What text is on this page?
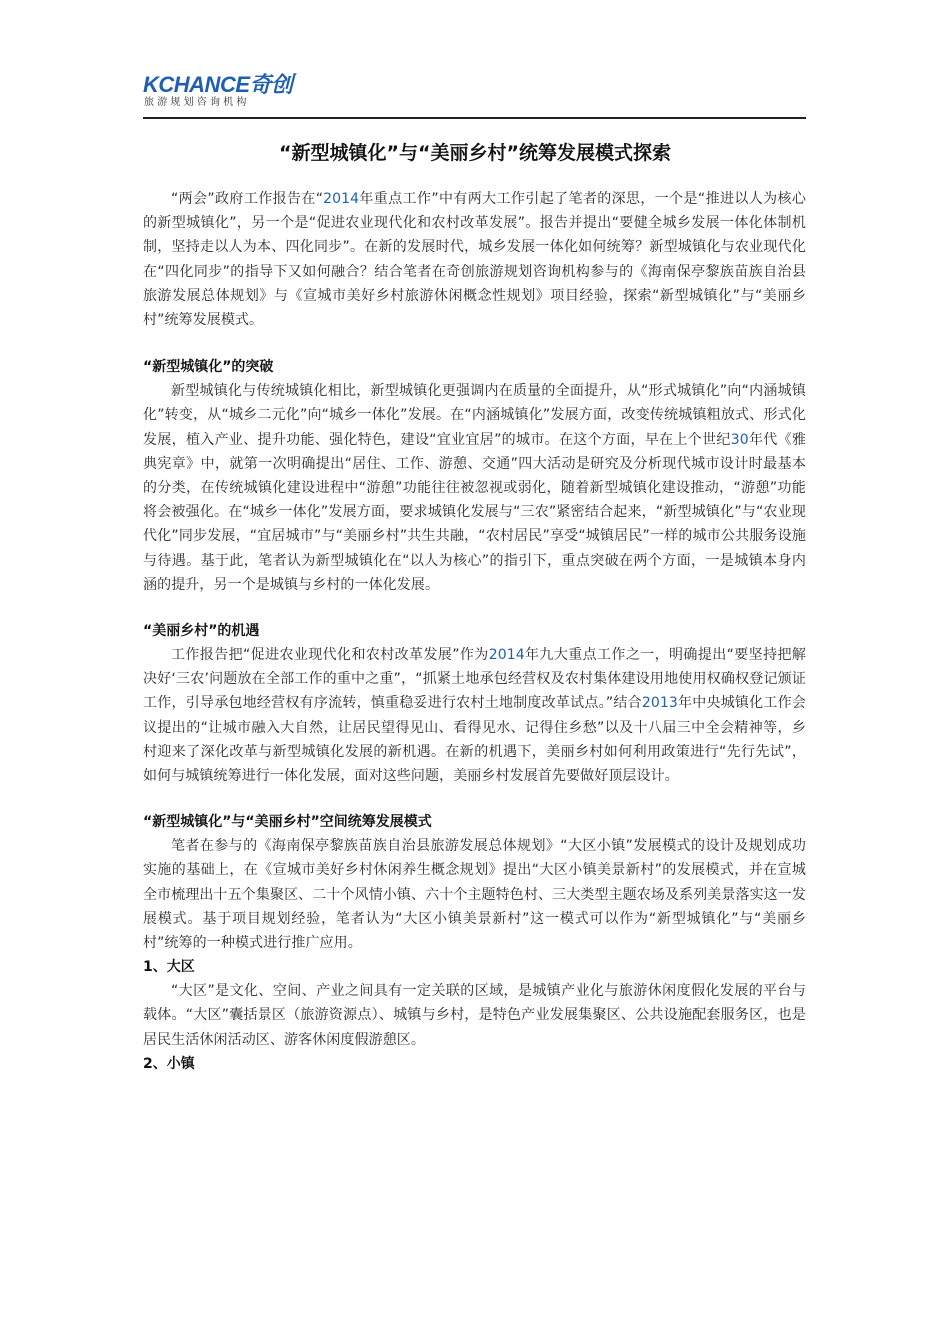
KCHANCE奇创
旅游规划咨询机构
“新型城镇化”与“美丽乡村”统筹发展模式探索

“两会”政府工作报告在“2014年重点工作”中有两大工作引起了笔者的深思，一个是“推进以人为核心的新型城镇化”，另一个是“促进农业现代化和农村改革发展”。报告并提出“要健全城乡发展一体化体制机制，坚持走以人为本、四化同步”。在新的发展时代，城乡发展一体化如何统筹？新型城镇化与农业现代化在“四化同步”的指导下又如何融合？结合笔者在奇创旅游规划咨询机构参与的《海南保亭黎族苗族自治县旅游发展总体规划》与《宣城市美好乡村旅游休闲概念性规划》项目经验，探索“新型城镇化”与“美丽乡村”统筹发展模式。

“新型城镇化”的突破

新型城镇化与传统城镇化相比，新型城镇化更强调内在质量的全面提升，从“形式城镇化”向“内涵城镇化”转变，从“城乡二元化”向“城乡一体化”发展。在“内涵城镇化”发展方面，改变传统城镇粗放式、形式化发展，植入产业、提升功能、强化特色，建设“宜业宜居”的城市。在这个方面，早在上个世纪30年代《雅典宪章》中，就第一次明确提出“居住、工作、游憩、交通”四大活动是研究及分析现代城市设计时最基本的分类，在传统城镇化建设进程中“游憩”功能往往被忽视或弱化，随着新型城镇化建设推动，“游憩”功能将会被强化。在“城乡一体化”发展方面，要求城镇化发展与“三农”紧密结合起来，“新型城镇化”与“农业现代化”同步发展，“宜居城市”与“美丽乡村”共生共融，“农村居民”享受“城镇居民”一样的城市公共服务设施与待遇。基于此，笔者认为新型城镇化在“以人为核心”的指引下，重点突破在两个方面，一是城镇本身内涵的提升，另一个是城镇与乡村的一体化发展。

“美丽乡村”的机遇

工作报告把“促进农业现代化和农村改革发展”作为2014年九大重点工作之一，明确提出“要坚持把解决好‘三农’问题放在全部工作的重中之重”，“抓紧土地承包经营权及农村集体建设用地使用权确权登记颁证工作，引导承包地经营权有序流转，慎重稳妥进行农村土地制度改革试点。”结合2013年中央城镇化工作会议提出的“让城市融入大自然，让居民望得见山、看得见水、记得住乡愁”以及十八届三中全会精神等，乡村迎来了深化改革与新型城镇化发展的新机遇。在新的机遇下，美丽乡村如何利用政策进行“先行先试”，如何与城镇统筹进行一体化发展，面对这些问题，美丽乡村发展首先要做好顶层设计。

“新型城镇化”与“美丽乡村”空间统筹发展模式

笔者在参与的《海南保亭黎族苗族自治县旅游发展总体规划》“大区小镇”发展模式的设计及规划成功实施的基础上，在《宣城市美好乡村休闲养生概念规划》提出“大区小镇美景新村”的发展模式，并在宣城全市梳理出十五个集聚区、二十个风情小镇、六十个主题特色村、三大类型主题农场及系列美景落实这一发展模式。基于项目规划经验，笔者认为“大区小镇美景新村”这一模式可以作为“新型城镇化”与“美丽乡村”统筹的一种模式进行推广应用。

1、大区

“大区”是文化、空间、产业之间具有一定关联的区域，是城镇产业化与旅游休闲度假化发展的平台与载体。“大区”囊括景区（旅游资源点）、城镇与乡村，是特色产业发展集聚区、公共设施配套服务区，也是居民生活休闲活动区、游客休闲度假游憩区。

2、小镇
